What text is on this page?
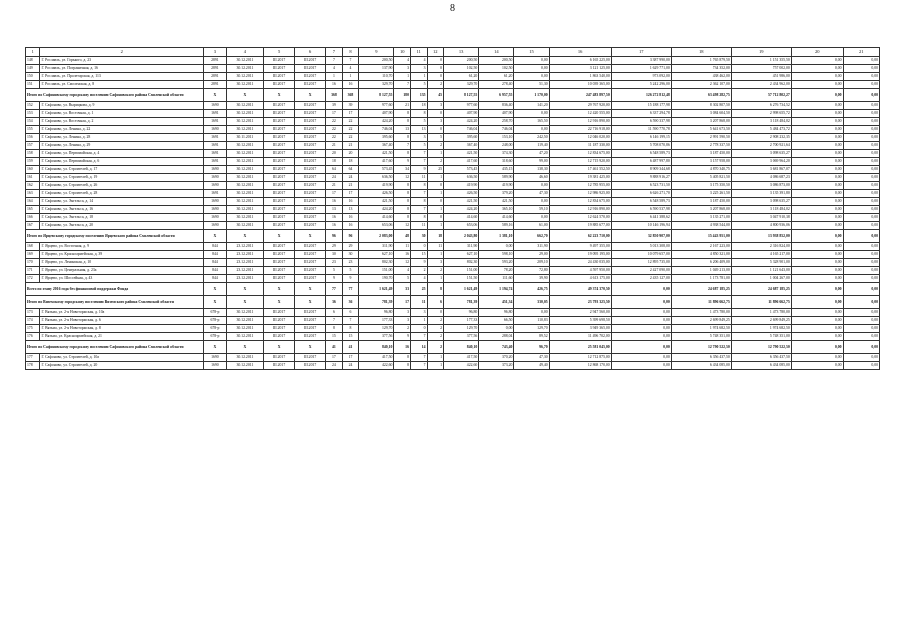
8
1	2	3	4	5	6	7	8	9	10	11	12	13	14	15	16	17	18	19	20	21
148	Г. Рославль, ул. Горького, д. 23	2891	30.12.2011	III.2017	III.2017	7	7	200,50	4	4	0	200,50	200,50	0,00	6 165 225,00	3 387 990,00	1 765 879,50	1 151 355,50	0,00	0,00
149	Г. Рославль, ул. Пограничная, д. 16	2891	30.12.2011	III.2017	III.2017	4	4	137,90	3	3	0	102,50	102,50	0,00	3 121 125,00	1 629 771,00	734 352,00	757 002,00	0,00	0,00
150	Г. Рославль, ул. Пролетарская, д. 113	2891	30.12.2011	III.2017	III.2017	1	1	110,70	1	1	0	61,20	61,20	0,00	1 863 540,00	973 092,00	438 462,00	451 986,00	0,00	0,00
151	Г. Рославль, ул. Смоленская, д. 8	2891	30.12.2011	III.2017	III.2017	16	16	329,70	7	5	2	329,70	278,40	51,30	10 039 365,00	5 242 296,00	2 362 107,00	2 434 962,00	0,00	0,00
Итого по Сафоновскому городскому поселению Сафоновского района Смоленской области		X	X	X	X	368	368	8 127,55	180	135	45	8 127,55	6 957,55	1 170,00	247 483 897,50	126 272 812,48	63 498 282,75	57 712 802,27	0,00	0,00
152	Г. Сафоново, ул. Вырицкова, д. 9	1690	30.12.2011	III.2017	III.2017	39	39	977,60	21	18	3	977,60	836,40	141,20	29 767 920,00	15 188 177,98	8 302 807,50	6 276 734,52	0,00	0,00
153	Г. Сафоново, ул. Восточная, д. 1	1691	30.12.2011	III.2017	III.2017	17	17	407,90	8	8	0	407,90	407,90	0,00	12 420 555,00	6 337 294,78	3 084 604,50	2 998 655,72	0,00	0,00
154	Г. Сафоново, ул. Восточная, д. 2	1691	30.12.2011	III.2017	III.2017	22	22	424,20	8	5	3	424,20	258,70	165,50	12 916 890,00	6 590 337,98	3 207 868,00	3 118 484,02	0,00	0,00
155	Г. Сафоново, ул. Ленина, д. 22	1690	30.12.2011	III.2017	III.2017	22	22	746,04	13	13	0	746,04	746,04	0,00	22 716 918,00	11 590 770,78	5 641 673,50	5 484 473,72	0,00	0,00
156	Г. Сафоново, ул. Ленина, д. 28	1691	30.11.2011	III.2017	III.2017	22	22	395,60	8	3	5	395,60	153,10	242,50	12 046 020,00	6 146 199,15	2 991 590,50	2 908 232,35	0,00	0,00
157	Г. Сафоново, ул. Ленина, д. 29	1691	30.12.2011	III.2017	III.2017	21	21	367,40	7	5	2	367,40	248,00	119,40	11 187 330,00	5 708 070,86	2 778 337,50	2 700 921,64	0,00	0,00
158	Г. Сафоново, ул. Первомайская, д. 4	1691	30.12.2011	III.2017	III.2017	20	20	421,50	8	7	1	421,50	374,30	47,20	12 834 675,00	6 548 589,73	3 187 450,00	3 098 635,27	0,00	0,00
159	Г. Сафоново, ул. Первомайская, д. 6	1691	30.12.2011	III.2017	III.2017	18	18	417,60	9	7	2	417,60	318,60	99,00	12 715 920,00	6 487 997,80	3 157 958,00	3 069 964,20	0,00	0,00
160	Г. Сафоново, ул. Строителей, д. 17	1690	30.12.2011	III.2017	III.2017	64	64	573,45	34	9	25	573,45	435,15	138,30	17 461 552,50	8 909 344,68	4 870 340,75	3 681 867,07	0,00	0,00
161	Г. Сафоново, ул. Строителей, д. 19	1690	30.12.2011	III.2017	III.2017	24	24	636,50	12	11	1	636,50	589,90	46,60	19 381 425,00	9 888 916,27	5 405 821,50	4 086 687,23	0,00	0,00
162	Г. Сафоново, ул. Строителей, д. 26	1690	30.12.2011	III.2017	III.2017	21	21	419,90	8	8	0	419,90	419,90	0,00	12 785 955,00	6 523 731,50	3 175 350,50	3 086 873,00	0,00	0,00
163	Г. Сафоново, ул. Строителей, д. 28	1691	30.12.2011	III.2017	III.2017	17	17	426,50	8	7	1	426,50	379,20	47,30	12 986 925,00	6 626 271,70	3 225 261,50	3 135 391,80	0,00	0,00
164	Г. Сафоново, ул. Энгельса, д. 14	1690	30.12.2011	III.2017	III.2017	16	16	421,50	8	8	0	421,50	421,50	0,00	12 834 675,00	6 548 589,73	3 187 450,00	3 098 635,27	0,00	0,00
165	Г. Сафоново, ул. Энгельса, д. 16	1690	30.12.2011	III.2017	III.2017	13	13	424,20	8	7	1	424,20	365,10	59,10	12 916 890,00	6 590 537,98	3 207 868,00	3 118 484,02	0,00	0,00
166	Г. Сафоново, ул. Энгельса, д. 18	1690	30.12.2011	III.2017	III.2017	16	16	414,60	8	8	0	414,60	414,60	0,00	12 624 570,00	6 441 388,62	3 135 271,00	3 047 910,38	0,00	0,00
167	Г. Сафоново, ул. Энгельса, д. 20	1690	30.12.2011	III.2017	III.2017	16	16	653,06	12	11	1	653,06	589,16	61,00	19 885 677,00	10 146 196,94	4 938 544,00	4 800 936,06	0,00	0,00
Итого по Ярцевскому городскому поселению Ярцевского района Смоленской области		X	X	X	X	96	96	2 083,00	48	30	18	2 043,80	1 381,10	662,70	62 223 710,00	32 850 907,00	15 443 951,00	13 938 852,00	0,00	0,00
168	Г. Ярцево, ул. Восточная, д. 9	844	23.12.2011	III.2017	III.2017	29	29	311,90	11	0	11	311,90	0,00	311,90	9 497 355,00	5 013 308,00	2 167 223,00	2 316 824,00	0,00	0,00
169	Г. Ярцево, ул. Красноармейская, д. 39	844	23.12.2011	III.2017	III.2017	30	30	627,10	16	15	1	627,10	598,10	29,00	19 095 195,00	10 079 657,00	4 850 321,00	4 165 217,00	0,00	0,00
170	Г. Ярцево, ул. Ленинская, д. 10	844	23.12.2011	III.2017	III.2017	23	23	802,30	12	9	3	802,30	593,20	209,10	24 430 035,00	12 895 735,00	6 206 409,00	5 328 901,00	0,00	0,00
171	Г. Ярцево, ул. Центральная, д. 23а	844	23.12.2011	III.2017	III.2017	5	5	151,00	4	2	2	151,00	78,20	72,80	4 597 950,00	2 427 090,00	1 049 213,00	1 121 643,00	0,00	0,00
172	Г. Ярцево, ул. Шоссейная, д. 43	844	23.12.2011	III.2017	III.2017	9	9	190,70	5	4	1	151,50	111,60	39,90	4 613 175,00	2 435 127,00	1 173 781,00	1 004 267,00	0,00	0,00
Всего по этапу 2016 года без финансовой поддержки Фонда		X	X	X	X	77	77	1 621,49	33	25	8	1 621,49	1 194,74	426,75	49 374 370,50	0,00	24 687 185,25	24 687 185,25	0,00	0,00
Итого по Вяземскому городскому поселению Вяземского района Смоленской области		X	X	X	X	36	36	781,39	17	11	6	781,39	451,34	330,05	23 793 325,50	0,00	11 896 662,75	11 896 662,75	0,00	0,00
173	Г. Вязьма, ул. 2-я Новоторжская, д. 10а	678-р	30.12.2011	III.2017	III.2017	6	6	96,80	3	3	0	96,80	96,80	0,00	2 947 560,00	0,00	1 473 780,00	1 473 780,00	0,00	0,00
174	Г. Вязьма, ул. 2-я Новоторжская, д. 6	678-р	30.12.2011	III.2017	III.2017	7	7	177,33	3	1	2	177,33	66,50	110,83	5 399 698,50	0,00	2 699 849,25	2 699 849,25	0,00	0,00
175	Г. Вязьма, ул. 2-я Новоторжская, д. 8	678-р	30.12.2011	III.2017	III.2017	8	8	129,70	2	0	2	129,70	0,00	129,70	3 949 365,00	0,00	1 974 682,50	1 974 682,50	0,00	0,00
176	Г. Вязьма, ул. Красноармейская, д. 21	678-р	30.12.2011	III.2017	III.2017	15	15	377,56	9	7	2	377,56	288,04	89,52	11 496 702,00	0,00	5 748 351,00	5 748 351,00	0,00	0,00
Итого по Сафоновскому городскому поселению Сафоновского района Смоленской области		X	X	X	X	41	41	840,10	16	14	2	840,10	743,40	96,70	25 581 045,00	0,00	12 790 522,50	12 790 522,50	0,00	0,00
177	Г. Сафоново, ул. Строителей, д. 10а	1690	30.12.2011	III.2017	III.2017	17	17	417,50	8	7	1	417,50	370,20	47,30	12 712 875,00	0,00	6 356 437,50	6 356 437,50	0,00	0,00
178	Г. Сафоново, ул. Строителей, д. 20	1690	30.12.2011	III.2017	III.2017	24	24	422,60	8	7	1	422,60	373,20	49,40	12 868 170,00	0,00	6 434 085,00	6 434 085,00	0,00	0,00
